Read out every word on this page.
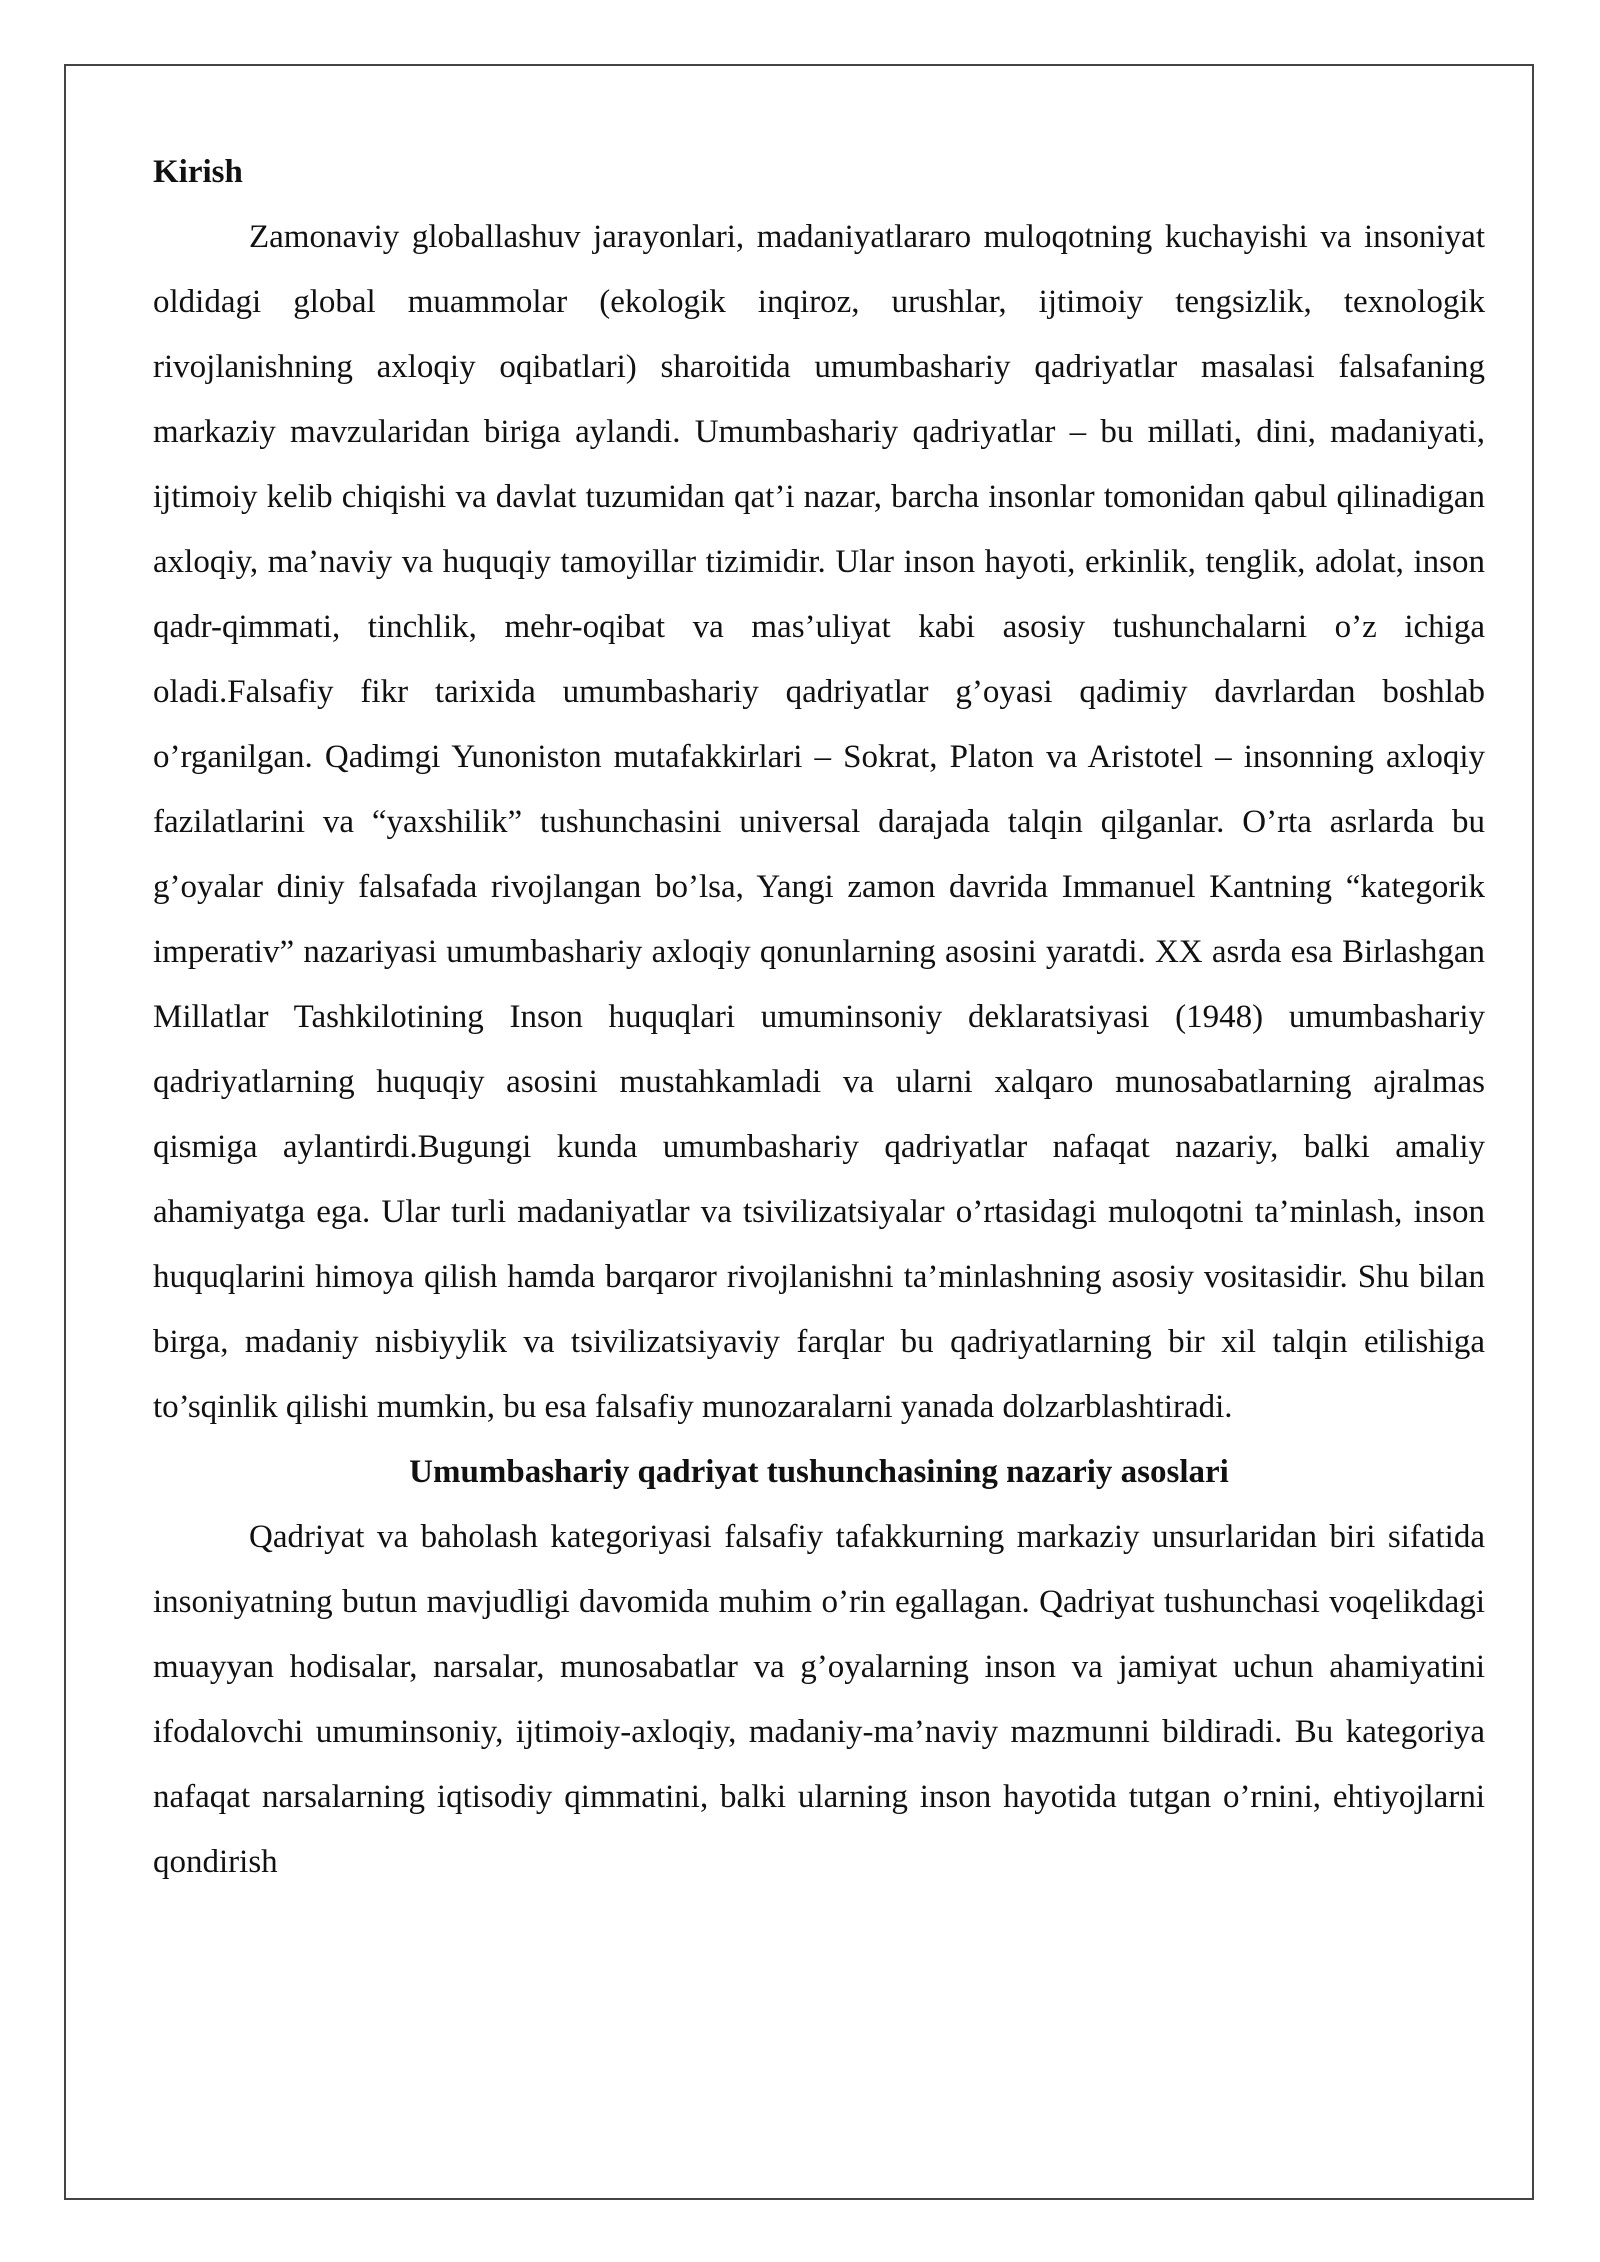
Kirish

Zamonaviy globallashuv jarayonlari, madaniyatlararo muloqotning kuchayishi va insoniyat oldidagi global muammolar (ekologik inqiroz, urushlar, ijtimoiy tengsizlik, texnologik rivojlanishning axloqiy oqibatlari) sharoitida umumbashariy qadriyatlar masalasi falsafaning markaziy mavzularidan biriga aylandi. Umumbashariy qadriyatlar – bu millati, dini, madaniyati, ijtimoiy kelib chiqishi va davlat tuzumidan qat’i nazar, barcha insonlar tomonidan qabul qilinadigan axloqiy, ma’naviy va huquqiy tamoyillar tizimidir. Ular inson hayoti, erkinlik, tenglik, adolat, inson qadr-qimmati, tinchlik, mehr-oqibat va mas’uliyat kabi asosiy tushunchalarni o’z ichiga oladi.Falsafiy fikr tarixida umumbashariy qadriyatlar g’oyasi qadimiy davrlardan boshlab o’rganilgan. Qadimgi Yunoniston mutafakkirlari – Sokrat, Platon va Aristotel – insonning axloqiy fazilatlarini va “yaxshilik” tushunchasini universal darajada talqin qilganlar. O’rta asrlarda bu g’oyalar diniy falsafada rivojlangan bo’lsa, Yangi zamon davrida Immanuel Kantning “kategorik imperativ” nazariyasi umumbashariy axloqiy qonunlarning asosini yaratdi. XX asrda esa Birlashgan Millatlar Tashkilotining Inson huquqlari umuminsoniy deklaratsiyasi (1948) umumbashariy qadriyatlarning huquqiy asosini mustahkamladi va ularni xalqaro munosabatlarning ajralmas qismiga aylantirdi.Bugungi kunda umumbashariy qadriyatlar nafaqat nazariy, balki amaliy ahamiyatga ega. Ular turli madaniyatlar va tsivilizatsiyalar o’rtasidagi muloqotni ta’minlash, inson huquqlarini himoya qilish hamda barqaror rivojlanishni ta’minlashning asosiy vositasidir. Shu bilan birga, madaniy nisbiyylik va tsivilizatsiyaviy farqlar bu qadriyatlarning bir xil talqin etilishiga to’sqinlik qilishi mumkin, bu esa falsafiy munozaralarni yanada dolzarblashtiradi.

Umumbashariy qadriyat tushunchasining nazariy asoslari

Qadriyat va baholash kategoriyasi falsafiy tafakkurning markaziy unsurlaridan biri sifatida insoniyatning butun mavjudligi davomida muhim o’rin egallagan. Qadriyat tushunchasi voqelikdagi muayyan hodisalar, narsalar, munosabatlar va g’oyalarning inson va jamiyat uchun ahamiyatini ifodalovchi umuminsoniy, ijtimoiy-axloqiy, madaniy-ma’naviy mazmunni bildiradi. Bu kategoriya nafaqat narsalarning iqtisodiy qimmatini, balki ularning inson hayotida tutgan o’rnini, ehtiyojlarni qondirish
